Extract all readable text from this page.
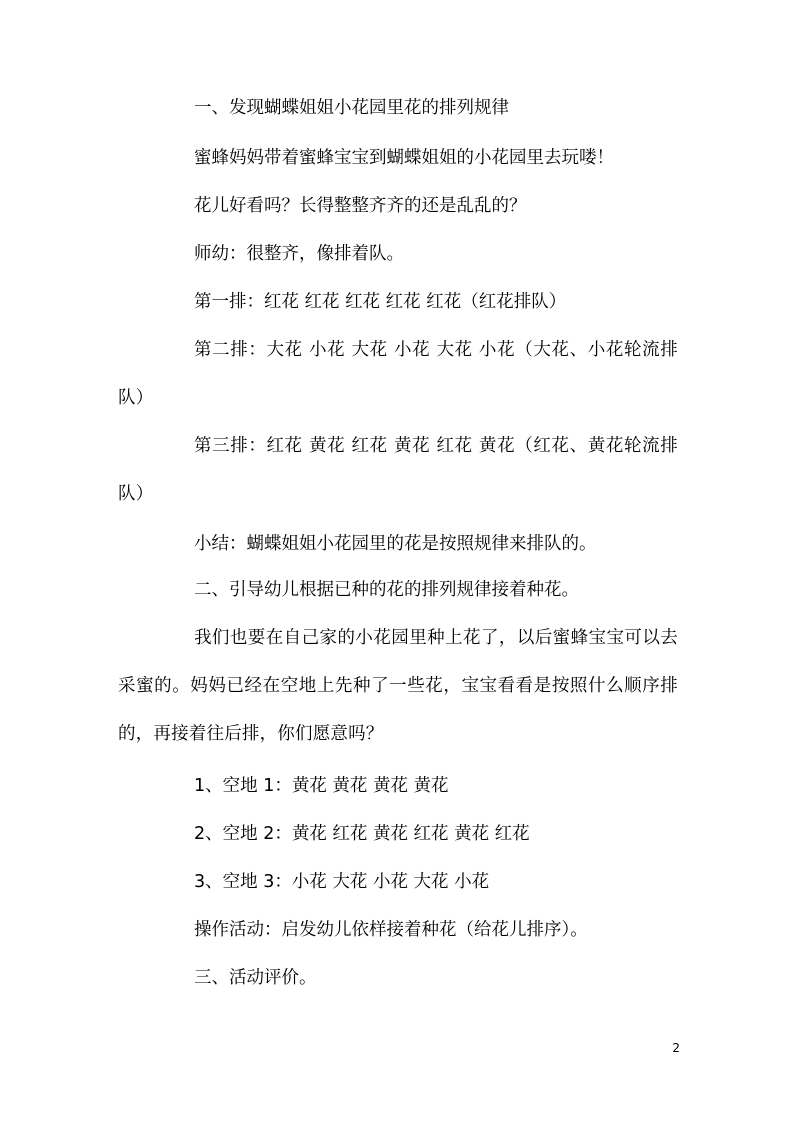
一、发现蝴蝶姐姐小花园里花的排列规律

蜜蜂妈妈带着蜜蜂宝宝到蝴蝶姐姐的小花园里去玩喽！

花儿好看吗？长得整整齐齐的还是乱乱的？

师幼：很整齐，像排着队。

第一排：红花 红花 红花 红花 红花（红花排队）

第二排：大花 小花 大花 小花 大花 小花（大花、小花轮流排队）

第三排：红花 黄花 红花 黄花 红花 黄花（红花、黄花轮流排队）

小结：蝴蝶姐姐小花园里的花是按照规律来排队的。

二、引导幼儿根据已种的花的排列规律接着种花。

我们也要在自己家的小花园里种上花了，以后蜜蜂宝宝可以去采蜜的。妈妈已经在空地上先种了一些花，宝宝看看是按照什么顺序排的，再接着往后排，你们愿意吗？

1、空地 1：黄花 黄花 黄花 黄花

2、空地 2：黄花 红花 黄花 红花 黄花 红花

3、空地 3：小花 大花 小花 大花 小花

操作活动：启发幼儿依样接着种花（给花儿排序）。

三、活动评价。

2
